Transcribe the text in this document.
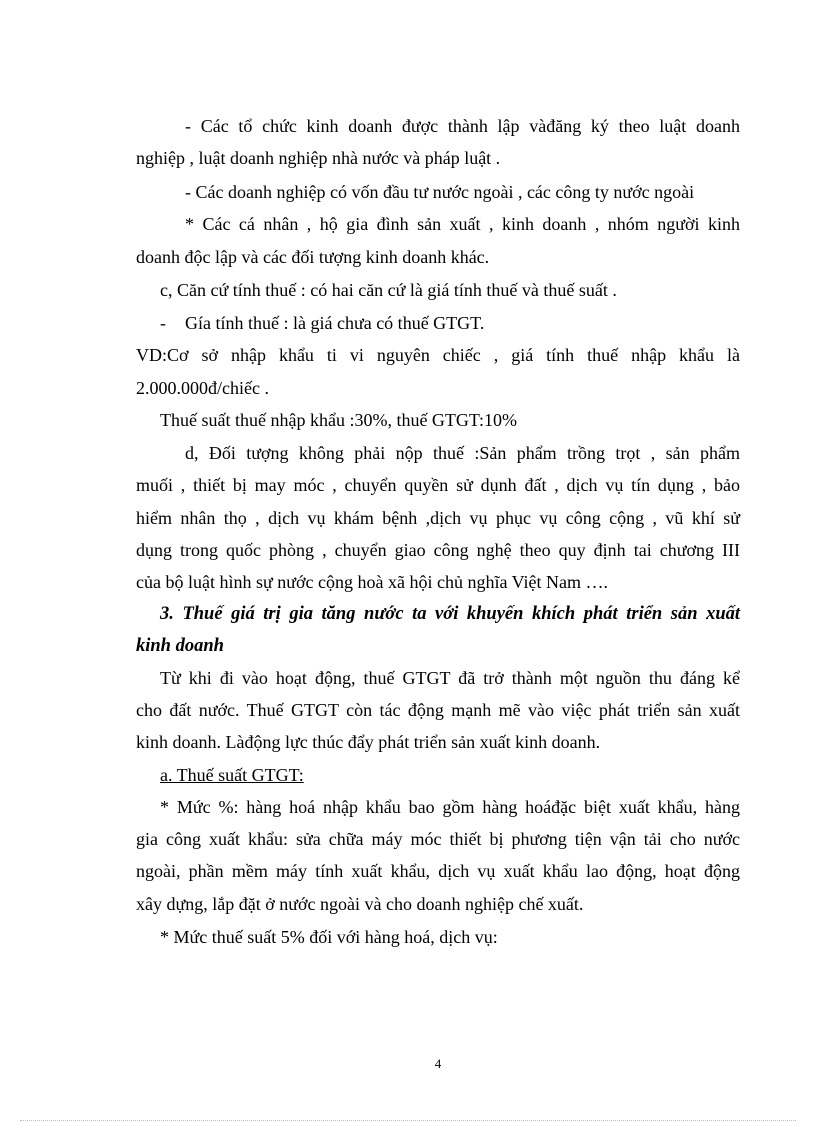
- Các tổ chức kinh doanh được thành lập vàđăng ký theo luật doanh
nghiệp , luật doanh nghiệp nhà nước và pháp luật .
- Các doanh nghiệp có vốn đầu tư nước ngoài , các công ty nước ngoài
* Các cá nhân , hộ gia đình sản xuất , kinh doanh , nhóm người kinh
doanh độc lập và các đối tượng kinh doanh khác.
c, Căn cứ tính thuế : có hai căn cứ là giá tính thuế và thuế suất .
- Gía tính thuế : là giá chưa có thuế GTGT.
VD:Cơ sở nhập khẩu ti vi nguyên chiếc , giá tính thuế nhập khẩu là
2.000.000đ/chiếc .
Thuế suất thuế nhập khẩu :30%, thuế GTGT:10%
d, Đối tượng không phải nộp thuế :Sản phẩm trồng trọt , sản phẩm
muối , thiết bị may móc , chuyển quyền sử dụnh đất , dịch vụ tín dụng , bảo
hiểm nhân thọ , dịch vụ khám bệnh ,dịch vụ phục vụ công cộng , vũ khí sử
dụng trong quốc phòng , chuyển giao công nghệ theo quy định tai chương III
của bộ luật hình sự nước cộng hoà xã hội chủ nghĩa Việt Nam ….
3. Thuế giá trị gia tăng nước ta với khuyến khích phát triển sản xuất
kinh doanh
Từ khi đi vào hoạt động, thuế GTGT đã trở thành một nguồn thu đáng kể
cho đất nước. Thuế GTGT còn tác động mạnh mẽ vào việc phát triển sản xuất
kinh doanh. Làđộng lực thúc đẩy phát triển sản xuất kinh doanh.
a. Thuế suất GTGT:
* Mức %: hàng hoá nhập khẩu bao gồm hàng hoáđặc biệt xuất khẩu, hàng
gia công xuất khẩu: sửa chữa máy móc thiết bị phương tiện vận tải cho nước
ngoài, phần mềm máy tính xuất khẩu, dịch vụ xuất khẩu lao động, hoạt động
xây dựng, lắp đặt ở nước ngoài và cho doanh nghiệp chế xuất.
* Mức thuế suất 5% đối với hàng hoá, dịch vụ:
4
